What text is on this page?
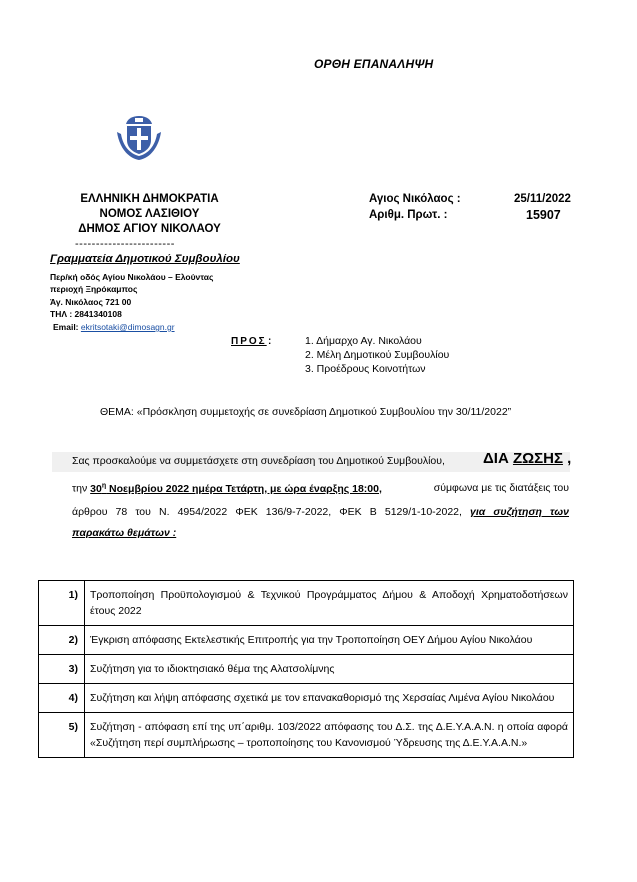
ΟΡΘΗ ΕΠΑΝΑΛΗΨΗ
ΕΛΛΗΝΙΚΗ ΔΗΜΟΚΡΑΤΙΑ
ΝΟΜΟΣ ΛΑΣΙΘΙΟΥ
ΔΗΜΟΣ ΑΓΙΟΥ ΝΙΚΟΛΑΟΥ
------------------------
Γραμματεία Δημοτικού Συμβουλίου
Περ/κή οδός Αγίου Νικολάου – Ελούντας
περιοχή Ξηρόκαμπος
Άγ. Νικόλαος 721 00
ΤΗΛ : 2841340108
Email: ekritsotaki@dimosagn.gr
Αγιος Νικόλαος :	25/11/2022
Αριθμ. Πρωτ. :	15907
ΠΡΟΣ :	1. Δήμαρχο Αγ. Νικολάου
2. Μέλη Δημοτικού Συμβουλίου
3. Προέδρους Κοινοτήτων
ΘΕΜΑ: «Πρόσκληση συμμετοχής σε συνεδρίαση Δημοτικού Συμβουλίου την 30/11/2022”
Σας προσκαλούμε να συμμετάσχετε στη συνεδρίαση του Δημοτικού Συμβουλίου,	ΔΙΑ ΖΩΣΗΣ ,
την $30^\eta$ Νοεμβρίου 2022 ημέρα Τετάρτη, με ώρα έναρξης 18:00,	σύμφωνα με τις διατάξεις του
άρθρου 78 του Ν. 4954/2022 ΦΕΚ 136/9-7-2022, ΦΕΚ Β 5129/1-10-2022, για συζήτηση των
παρακάτω θεμάτων :
1)	Τροποποίηση Προϋπολογισμού & Τεχνικού Προγράμματος Δήμου & Αποδοχή Χρηματοδοτήσεων έτους 2022
2)	Έγκριση απόφασης Εκτελεστικής Επιτροπής για την Τροποποίηση ΟΕΥ Δήμου Αγίου Νικολάου
3)	Συζήτηση για το ιδιοκτησιακό θέμα της Αλατσολίμνης
4)	Συζήτηση και λήψη απόφασης σχετικά με τον επανακαθορισμό της Χερσαίας Λιμένα Αγίου Νικολάου
5)	Συζήτηση - απόφαση επί της υπ΄αριθμ. 103/2022 απόφασης του Δ.Σ. της Δ.Ε.Υ.Α.Α.Ν. η οποία αφορά «Συζήτηση περί συμπλήρωσης – τροποποίησης του Κανονισμού Ύδρευσης της Δ.Ε.Υ.Α.Α.Ν.»
